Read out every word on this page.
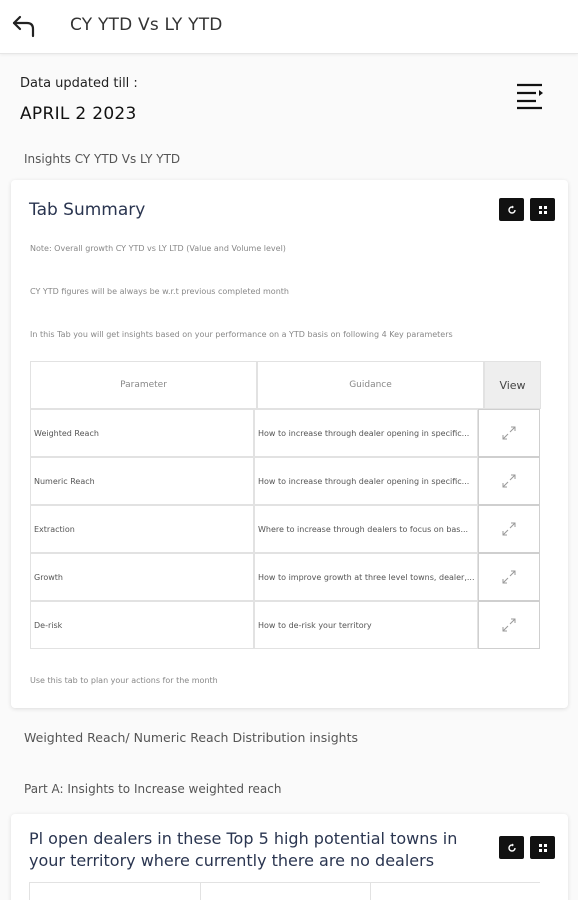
CY YTD Vs LY YTD
Data updated till :
APRIL 2 2023
Insights CY YTD Vs LY YTD
Tab Summary
Note: Overall growth CY YTD vs LY LTD (Value and Volume level)
CY YTD figures will be always be w.r.t previous completed month
In this Tab you will get insights based on your performance on a YTD basis on following 4 Key parameters
Parameter	Guidance	View
Weighted Reach	How to increase through dealer opening in specific...
Numeric Reach	How to increase through dealer opening in specific...
Extraction	Where to increase through dealers to focus on bas...
Growth	How to improve growth at three level towns, dealer,...
De-risk	How to de-risk your territory
Use this tab to plan your actions for the month
Weighted Reach/ Numeric Reach Distribution insights
Part A: Insights to Increase weighted reach
Pl open dealers in these Top 5 high potential towns in your territory where currently there are no dealers
